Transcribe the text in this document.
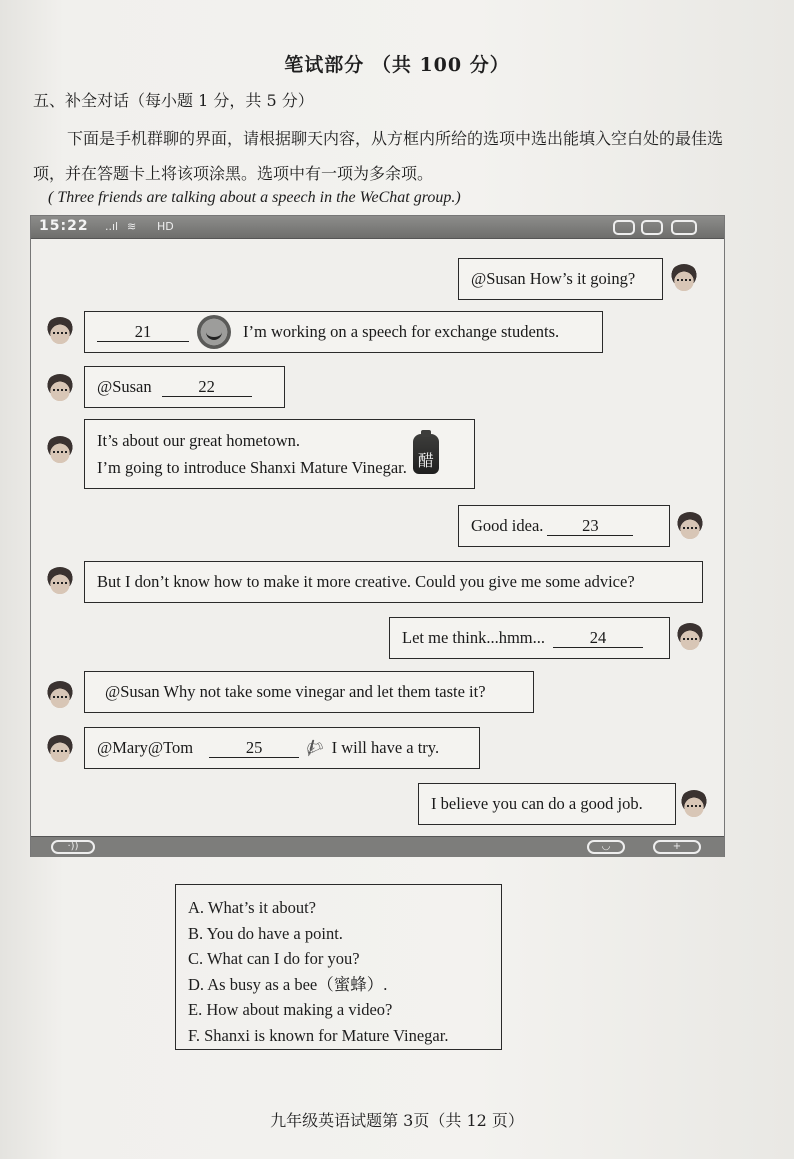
笔试部分 （共 100 分）
五、补全对话（每小题 1 分，共 5 分）
下面是手机群聊的界面，请根据聊天内容，从方框内所给的选项中选出能填入空白处的最佳选项，并在答题卡上将该项涂黑。选项中有一项为多余项。
( Three friends are talking about a speech in the WeChat group.)
15:22 ..ıl ≋ HD
@Susan How’s it going?
21	I’m working on a speech for exchange students.
@Susan	22
It’s about our great hometown.
I’m going to introduce Shanxi Mature Vinegar. 醋
Good idea.	23
But I don’t know how to make it more creative. Could you give me some advice?
Let me think...hmm...	24
@Susan Why not take some vinegar and let them taste it?
@Mary@Tom	25	✍ I will have a try.
I believe you can do a good job.
·))	◡	+
A. What’s it about?
B. You do have a point.
C. What can I do for you?
D. As busy as a bee（蜜蜂）.
E. How about making a video?
F. Shanxi is known for Mature Vinegar.
九年级英语试题第 3页（共 12 页）
